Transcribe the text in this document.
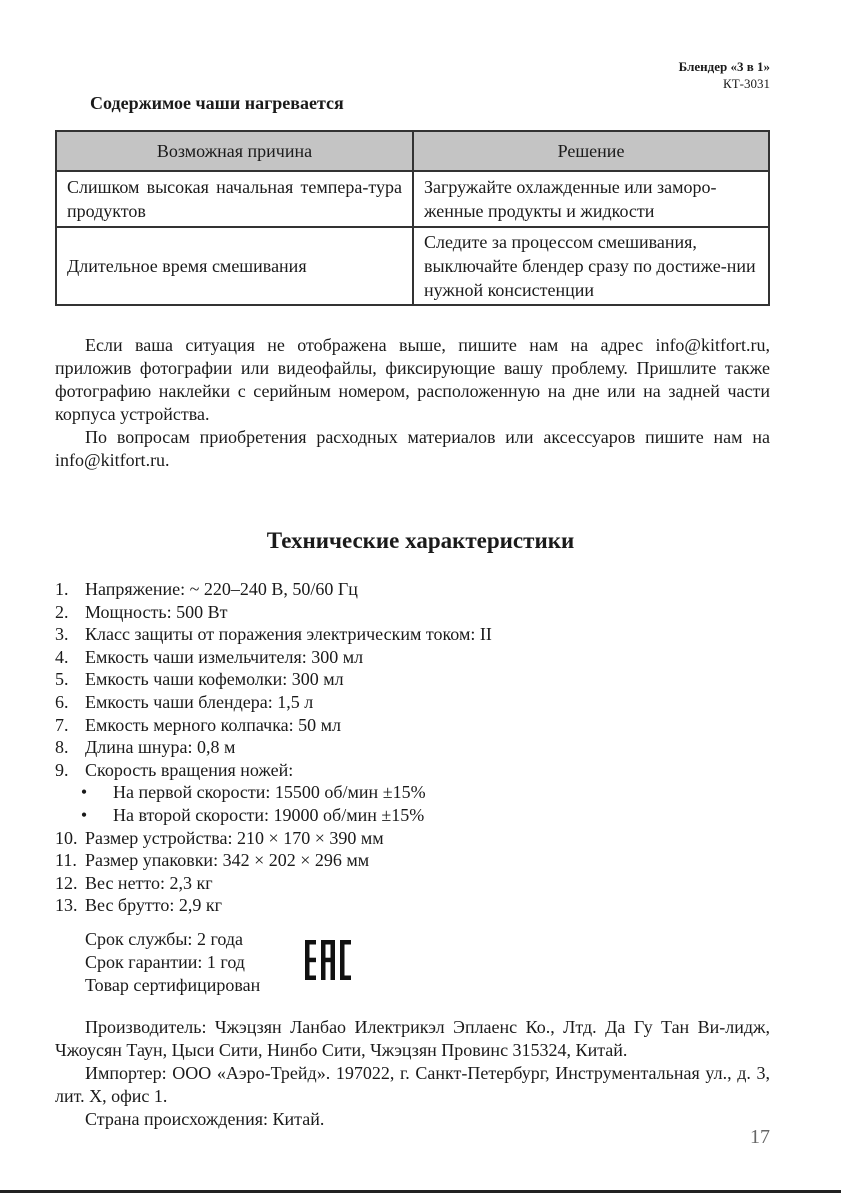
Блендер «3 в 1»
КТ-3031
Содержимое чаши нагревается
Возможная причина	Решение
Слишком высокая начальная темпера-тура продуктов	Загружайте охлажденные или заморо-женные продукты и жидкости
Длительное время смешивания	Следите за процессом смешивания, выключайте блендер сразу по достиже-нии нужной консистенции

Если ваша ситуация не отображена выше, пишите нам на адрес info@kitfort.ru, приложив фотографии или видеофайлы, фиксирующие вашу проблему. Пришлите также фотографию наклейки с серийным номером, расположенную на дне или на задней части корпуса устройства.

По вопросам приобретения расходных материалов или аксессуаров пишите нам на info@kitfort.ru.

Технические характеристики
1. Напряжение: ~ 220–240 В, 50/60 Гц
2. Мощность: 500 Вт
3. Класс защиты от поражения электрическим током: II
4. Емкость чаши измельчителя: 300 мл
5. Емкость чаши кофемолки: 300 мл
6. Емкость чаши блендера: 1,5 л
7. Емкость мерного колпачка: 50 мл
8. Длина шнура: 0,8 м
9. Скорость вращения ножей:
•	На первой скорости: 15500 об/мин ±15%
•	На второй скорости: 19000 об/мин ±15%
10. Размер устройства: 210 × 170 × 390 мм
11. Размер упаковки: 342 × 202 × 296 мм
12. Вес нетто: 2,3 кг
13. Вес брутто: 2,9 кг
Срок службы: 2 года
Срок гарантии: 1 год
Товар сертифицирован

Производитель: Чжэцзян Ланбао Илектрикэл Эплаенс Ко., Лтд. Да Гу Тан Ви-лидж, Чжоусян Таун, Цыси Сити, Нинбо Сити, Чжэцзян Провинс 315324, Китай.

Импортер: ООО «Аэро-Трейд». 197022, г. Санкт-Петербург, Инструментальная ул., д. 3, лит. Х, офис 1.

Страна происхождения: Китай.

17
